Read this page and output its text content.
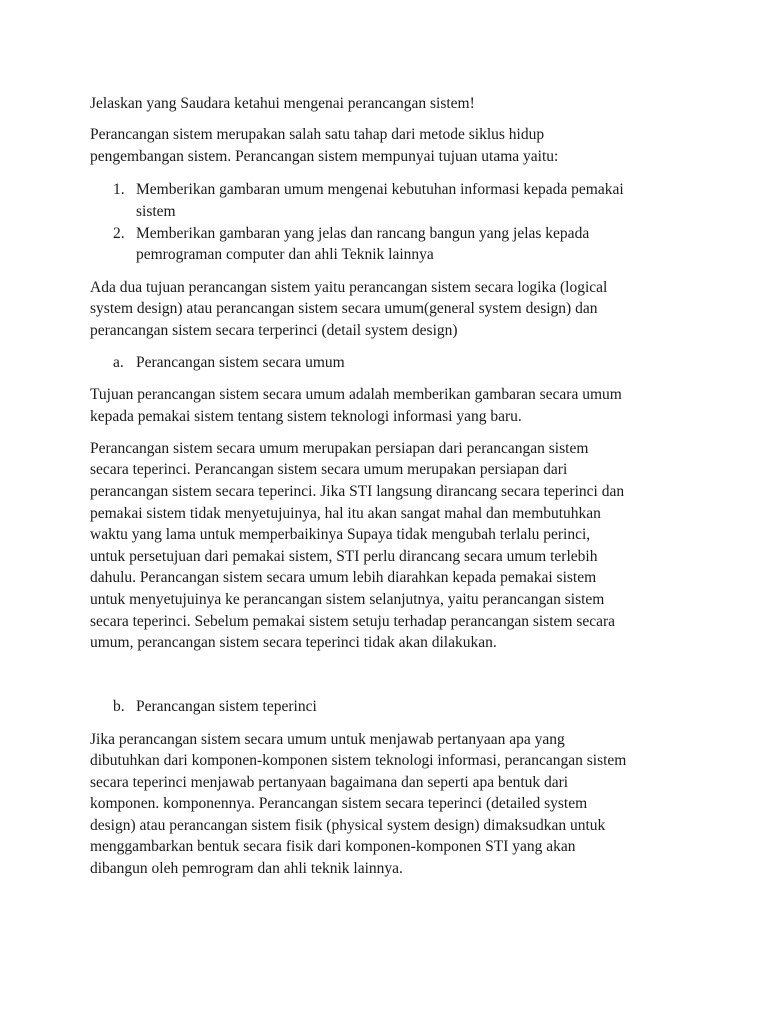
Jelaskan yang Saudara ketahui mengenai perancangan sistem!

Perancangan sistem merupakan salah satu tahap dari metode siklus hidup

pengembangan sistem. Perancangan sistem mempunyai tujuan utama yaitu:

1. Memberikan gambaran umum mengenai kebutuhan informasi kepada pemakai

sistem

2. Memberikan gambaran yang jelas dan rancang bangun yang jelas kepada

pemrograman computer dan ahli Teknik lainnya

Ada dua tujuan perancangan sistem yaitu perancangan sistem secara logika (logical

system design) atau perancangan sistem secara umum(general system design) dan

perancangan sistem secara terperinci (detail system design)

a. Perancangan sistem secara umum

Tujuan perancangan sistem secara umum adalah memberikan gambaran secara umum

kepada pemakai sistem tentang sistem teknologi informasi yang baru.

Perancangan sistem secara umum merupakan persiapan dari perancangan sistem

secara teperinci. Perancangan sistem secara umum merupakan persiapan dari

perancangan sistem secara teperinci. Jika STI langsung dirancang secara teperinci dan

pemakai sistem tidak menyetujuinya, hal itu akan sangat mahal dan membutuhkan

waktu yang lama untuk memperbaikinya Supaya tidak mengubah terlalu perinci,

untuk persetujuan dari pemakai sistem, STI perlu dirancang secara umum terlebih

dahulu. Perancangan sistem secara umum lebih diarahkan kepada pemakai sistem

untuk menyetujuinya ke perancangan sistem selanjutnya, yaitu perancangan sistem

secara teperinci. Sebelum pemakai sistem setuju terhadap perancangan sistem secara

umum, perancangan sistem secara teperinci tidak akan dilakukan.

b. Perancangan sistem teperinci

Jika perancangan sistem secara umum untuk menjawab pertanyaan apa yang

dibutuhkan dari komponen-komponen sistem teknologi informasi, perancangan sistem

secara teperinci menjawab pertanyaan bagaimana dan seperti apa bentuk dari

komponen. komponennya. Perancangan sistem secara teperinci (detailed system

design) atau perancangan sistem fisik (physical system design) dimaksudkan untuk

menggambarkan bentuk secara fisik dari komponen-komponen STI yang akan

dibangun oleh pemrogram dan ahli teknik lainnya.
